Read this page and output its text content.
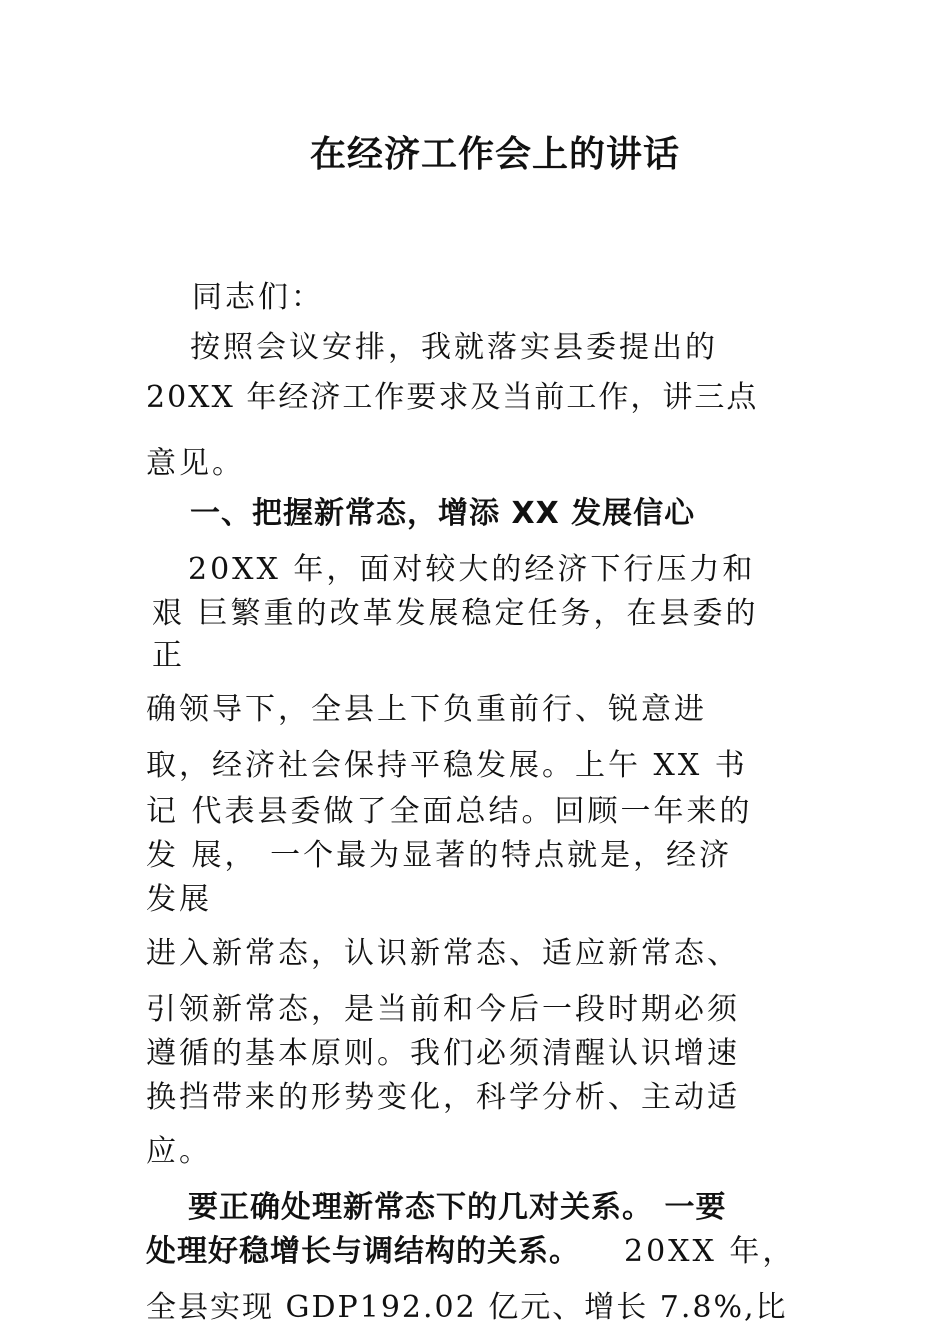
在经济工作会上的讲话
同志们：
按照会议安排，我就落实县委提出的
20XX 年经济工作要求及当前工作，讲三点
意见。
一、把握新常态，增添 XX 发展信心
20XX 年，面对较大的经济下行压力和
艰 巨繁重的改革发展稳定任务，在县委的
正
确领导下，全县上下负重前行、锐意进
取，经济社会保持平稳发展。上午 XX 书
记 代表县委做了全面总结。回顾一年来的
发 展， 一个最为显著的特点就是，经济
发展
进入新常态，认识新常态、适应新常态、
引领新常态，是当前和今后一段时期必须
遵循的基本原则。我们必须清醒认识增速
换挡带来的形势变化，科学分析、主动适
应。
要正确处理新常态下的几对关系。 一要
处理好稳增长与调结构的关系。 20XX 年，
全县实现 GDP192.02 亿元、增长 7.8%,比
